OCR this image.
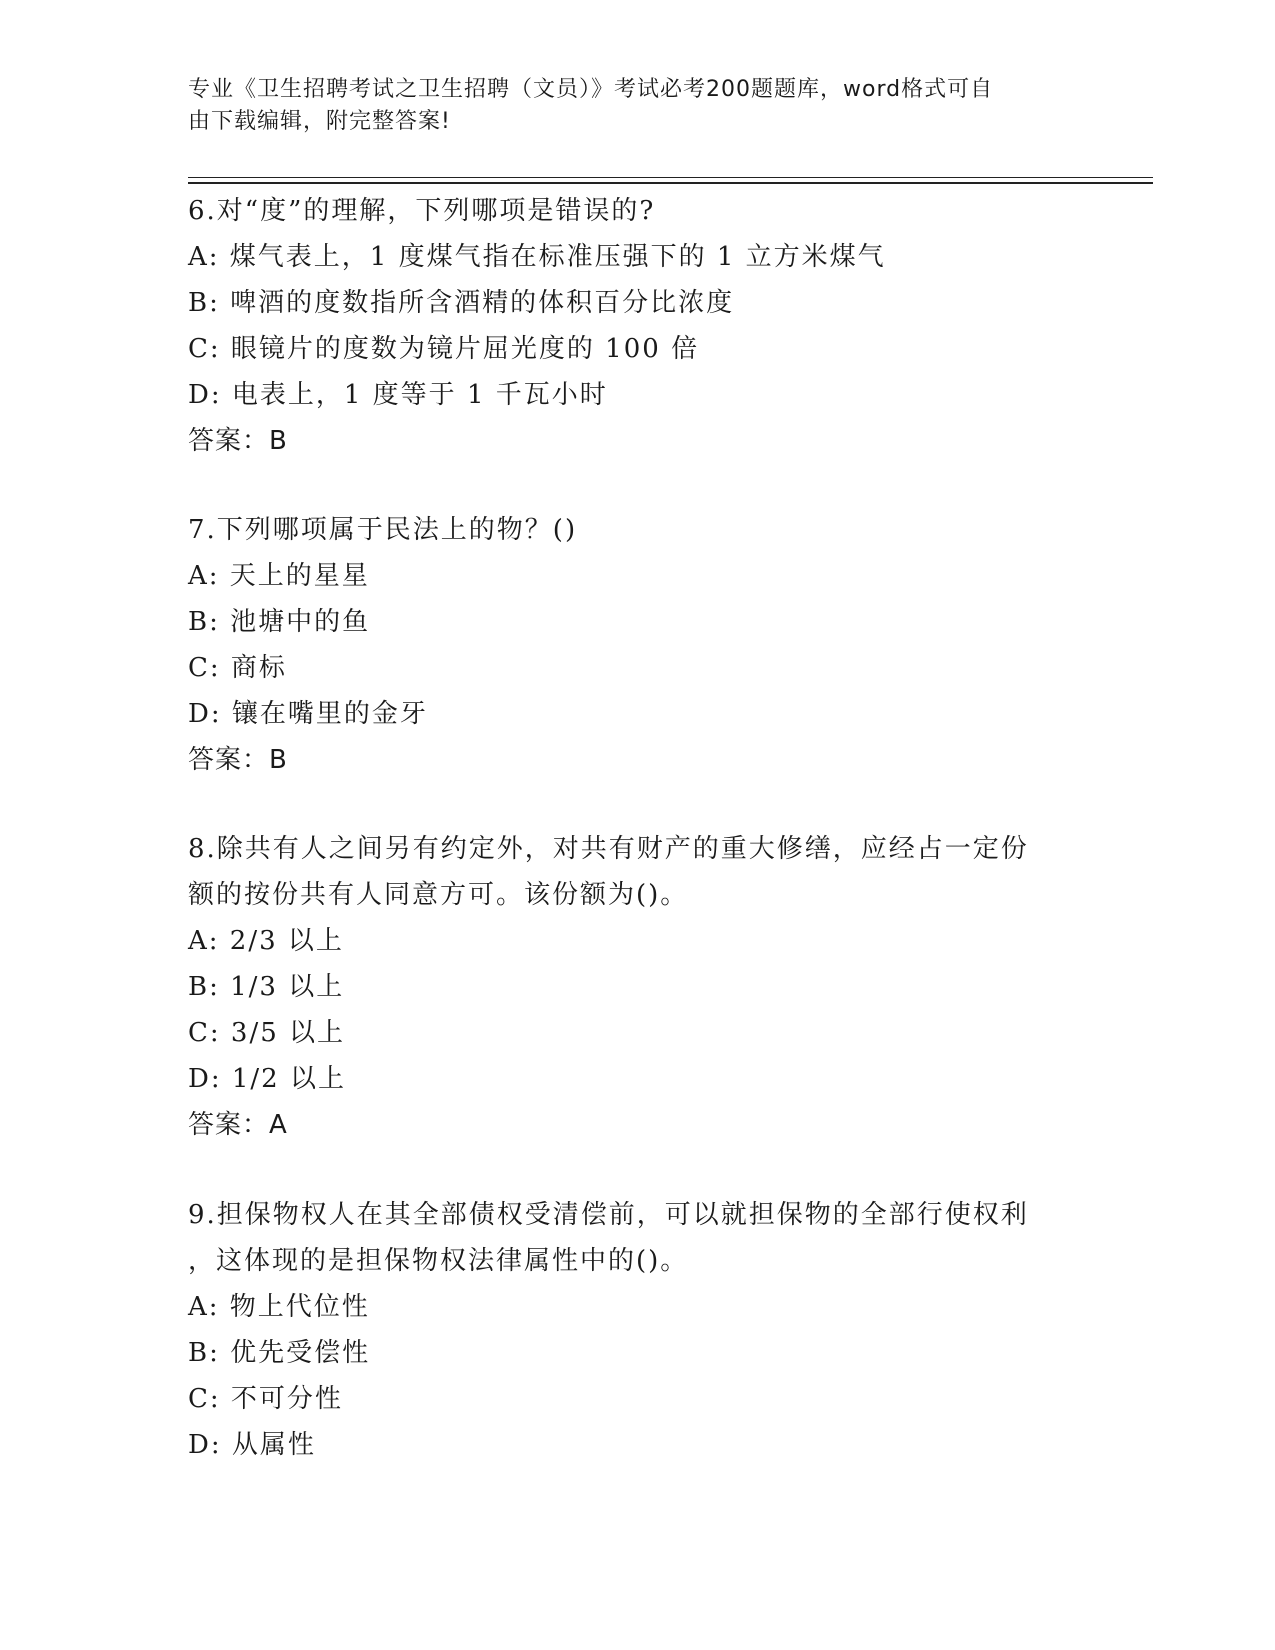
专业《卫生招聘考试之卫生招聘（文员）》考试必考200题题库，word格式可自
由下载编辑，附完整答案!
6.对“度”的理解，下列哪项是错误的?
A: 煤气表上，1 度煤气指在标准压强下的 1 立方米煤气
B: 啤酒的度数指所含酒精的体积百分比浓度
C: 眼镜片的度数为镜片屈光度的 100 倍
D: 电表上，1 度等于 1 千瓦小时
答案：B
7.下列哪项属于民法上的物？()
A: 天上的星星
B: 池塘中的鱼
C: 商标
D: 镶在嘴里的金牙
答案：B
8.除共有人之间另有约定外，对共有财产的重大修缮，应经占一定份
额的按份共有人同意方可。该份额为()。
A: 2/3 以上
B: 1/3 以上
C: 3/5 以上
D: 1/2 以上
答案：A
9.担保物权人在其全部债权受清偿前，可以就担保物的全部行使权利
，这体现的是担保物权法律属性中的()。
A: 物上代位性
B: 优先受偿性
C: 不可分性
D: 从属性
